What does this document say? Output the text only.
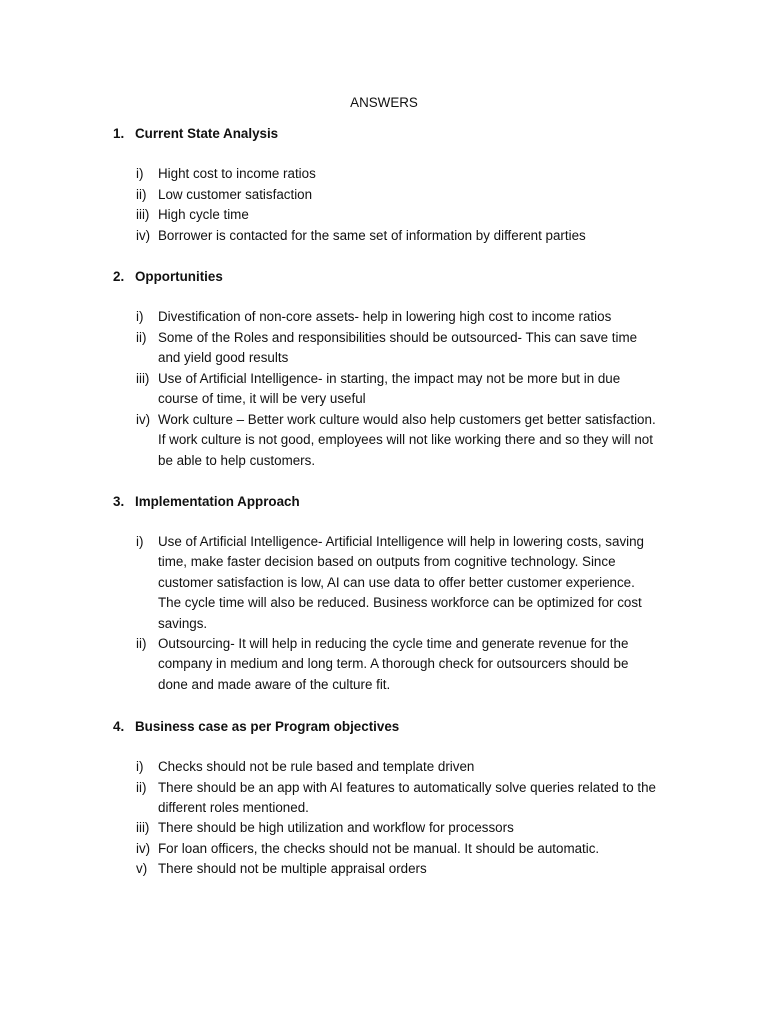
ANSWERS
1. Current State Analysis
i)	Hight cost to income ratios
ii) Low customer satisfaction
iii) High cycle time
iv) Borrower is contacted for the same set of information by different parties
2. Opportunities
i)	Divestification of non-core assets- help in lowering high cost to income ratios
ii) Some of the Roles and responsibilities should be outsourced- This can save time and yield good results
iii) Use of Artificial Intelligence- in starting, the impact may not be more but in due course of time, it will be very useful
iv) Work culture – Better work culture would also help customers get better satisfaction. If work culture is not good, employees will not like working there and so they will not be able to help customers.
3. Implementation Approach
i)	Use of Artificial Intelligence- Artificial Intelligence will help in lowering costs, saving time, make faster decision based on outputs from cognitive technology. Since customer satisfaction is low, AI can use data to offer better customer experience. The cycle time will also be reduced. Business workforce can be optimized for cost savings.
ii) Outsourcing- It will help in reducing the cycle time and generate revenue for the company in medium and long term. A thorough check for outsourcers should be done and made aware of the culture fit.
4. Business case as per Program objectives
i)	Checks should not be rule based and template driven
ii) There should be an app with AI features to automatically solve queries related to the different roles mentioned.
iii) There should be high utilization and workflow for processors
iv) For loan officers, the checks should not be manual. It should be automatic.
v) There should not be multiple appraisal orders
